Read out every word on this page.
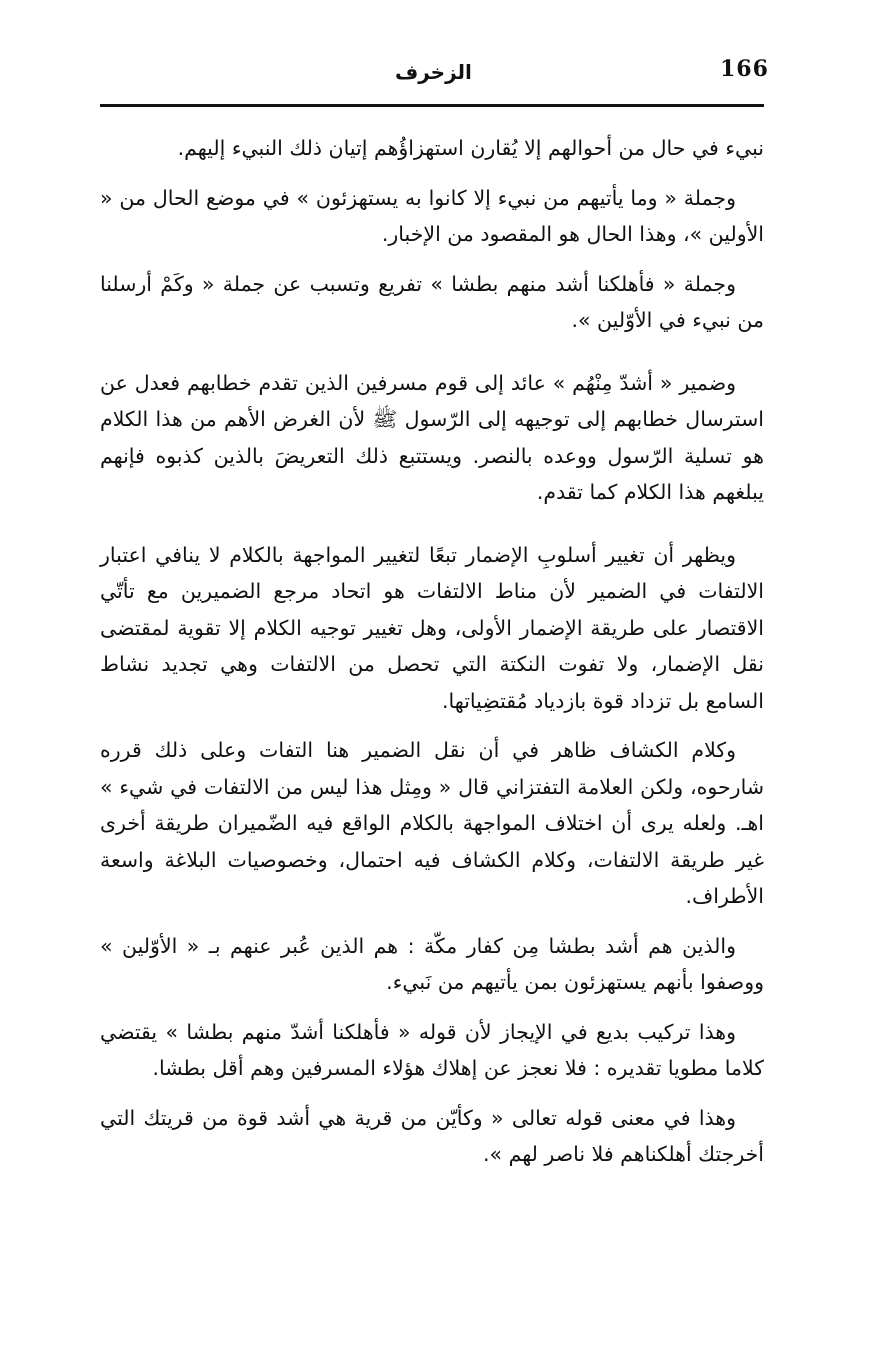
166
الزخرف

نبيء في حال من أحوالهم إلا يُقارن استهزاؤُهم إتيان ذلك النبيء إليهم.

وجملة « وما يأتيهم من نبيء إلا كانوا به يستهزئون » في موضع الحال من « الأولين »، وهذا الحال هو المقصود من الإخبار.

وجملة « فأهلكنا أشد منهم بطشا » تفريع وتسبب عن جملة « وكَمْ أرسلنا من نبيء في الأوّلين ».

وضمير « أشدّ مِنْهُم » عائد إلى قوم مسرفين الذين تقدم خطابهم فعدل عن استرسال خطابهم إلى توجيهه إلى الرّسول ﷺ لأن الغرض الأهم من هذا الكلام هو تسلية الرّسول ووعده بالنصر. ويستتبع ذلك التعريضَ بالذين كذبوه فإنهم يبلغهم هذا الكلام كما تقدم.

ويظهر أن تغيير أسلوبِ الإضمار تبعًا لتغيير المواجهة بالكلام لا ينافي اعتبار الالتفات في الضمير لأن مناط الالتفات هو اتحاد مرجع الضميرين مع تأتّي الاقتصار على طريقة الإضمار الأولى، وهل تغيير توجيه الكلام إلا تقوية لمقتضى نقل الإضمار، ولا تفوت النكتة التي تحصل من الالتفات وهي تجديد نشاط السامع بل تزداد قوة بازدياد مُقتضِياتها.

وكلام الكشاف ظاهر في أن نقل الضمير هنا التفات وعلى ذلك قرره شارحوه، ولكن العلامة التفتزاني قال « ومِثل هذا ليس من الالتفات في شيء » اهـ. ولعله يرى أن اختلاف المواجهة بالكلام الواقع فيه الضّميران طريقة أخرى غير طريقة الالتفات، وكلام الكشاف فيه احتمال، وخصوصيات البلاغة واسعة الأطراف.

والذين هم أشد بطشا مِن كفار مكّة : هم الذين عُبر عنهم بـ « الأوّلين » ووصفوا بأنهم يستهزئون بمن يأتيهم من نَبيء.

وهذا تركيب بديع في الإيجاز لأن قوله « فأهلكنا أشدّ منهم بطشا » يقتضي كلاما مطويا تقديره : فلا نعجز عن إهلاك هؤلاء المسرفين وهم أقل بطشا.

وهذا في معنى قوله تعالى « وكأيّن من قرية هي أشد قوة من قريتك التي أخرجتك أهلكناهم فلا ناصر لهم ».
